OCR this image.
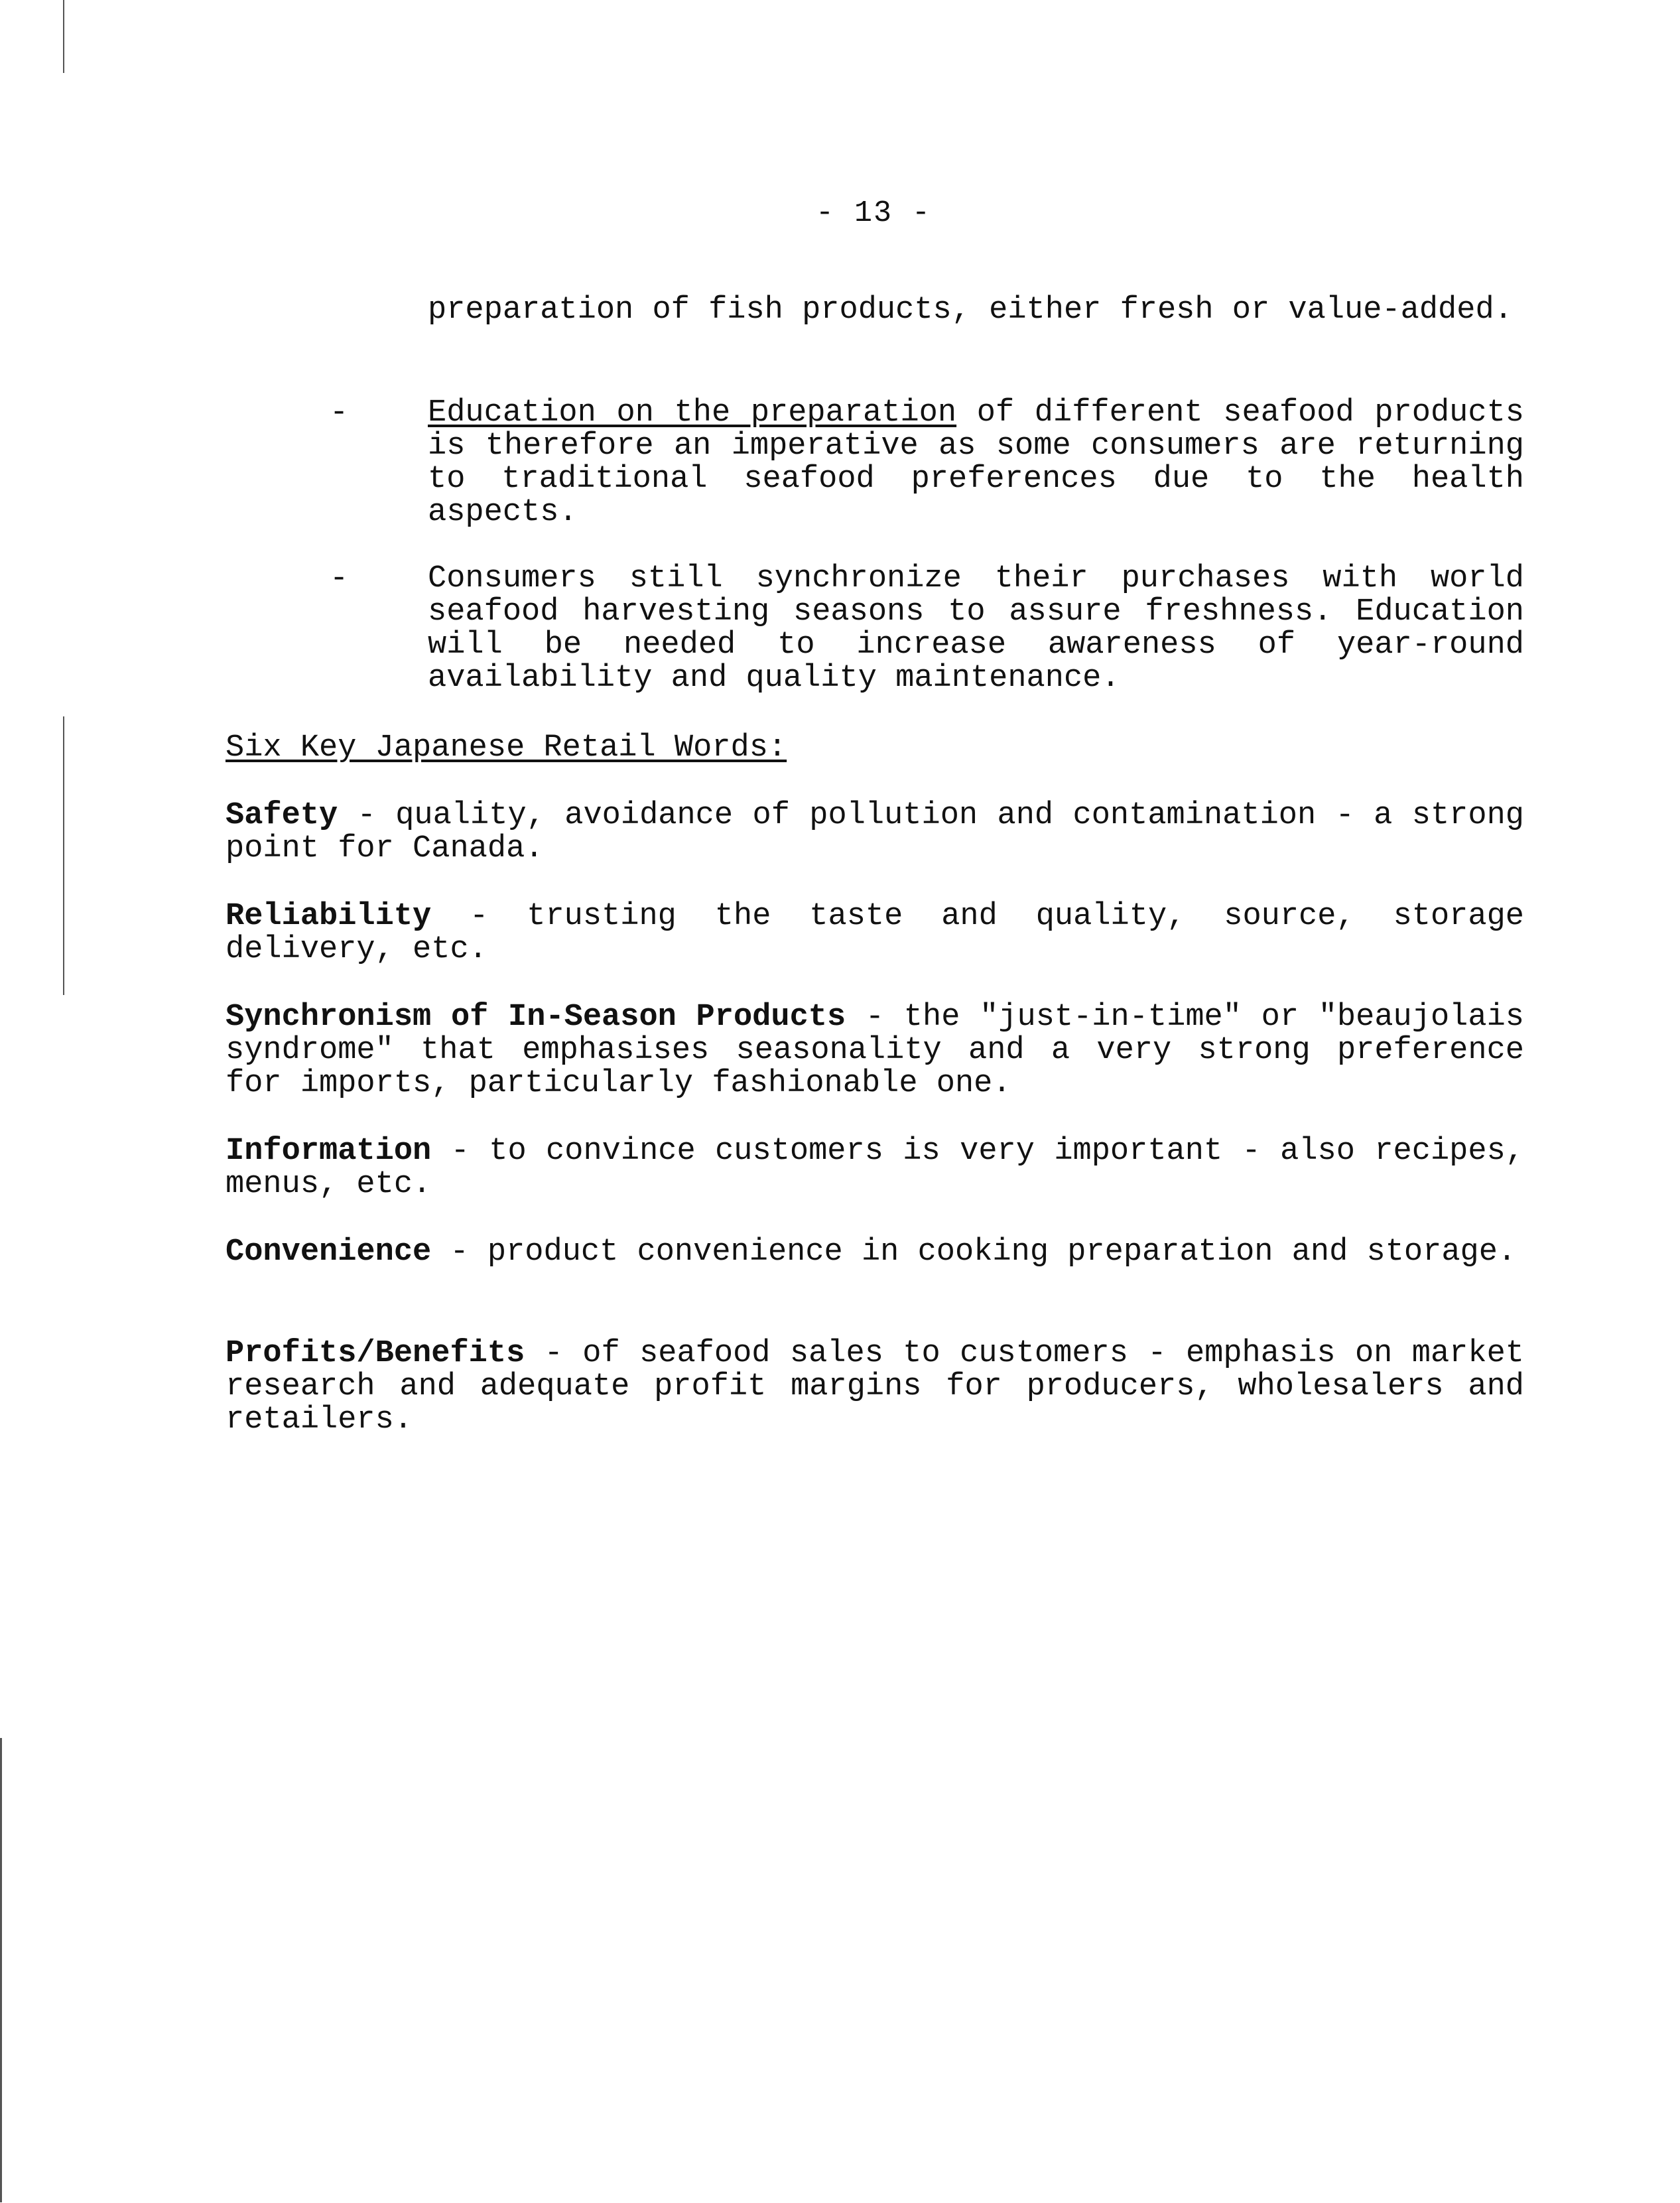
- 13 -
preparation of fish products, either fresh or value-added.
-	Education on the preparation of different seafood products is therefore an imperative as some consumers are returning to traditional seafood preferences due to the health aspects.
-	Consumers still synchronize their purchases with world seafood harvesting seasons to assure freshness. Education will be needed to increase awareness of year-round availability and quality maintenance.
Six Key Japanese Retail Words:
Safety - quality, avoidance of pollution and contamination - a strong point for Canada.
Reliability - trusting the taste and quality, source, storage delivery, etc.
Synchronism of In-Season Products - the "just-in-time" or "beaujolais syndrome" that emphasises seasonality and a very strong preference for imports, particularly fashionable one.
Information - to convince customers is very important - also recipes, menus, etc.
Convenience - product convenience in cooking preparation and storage.
Profits/Benefits - of seafood sales to customers - emphasis on market research and adequate profit margins for producers, wholesalers and retailers.
